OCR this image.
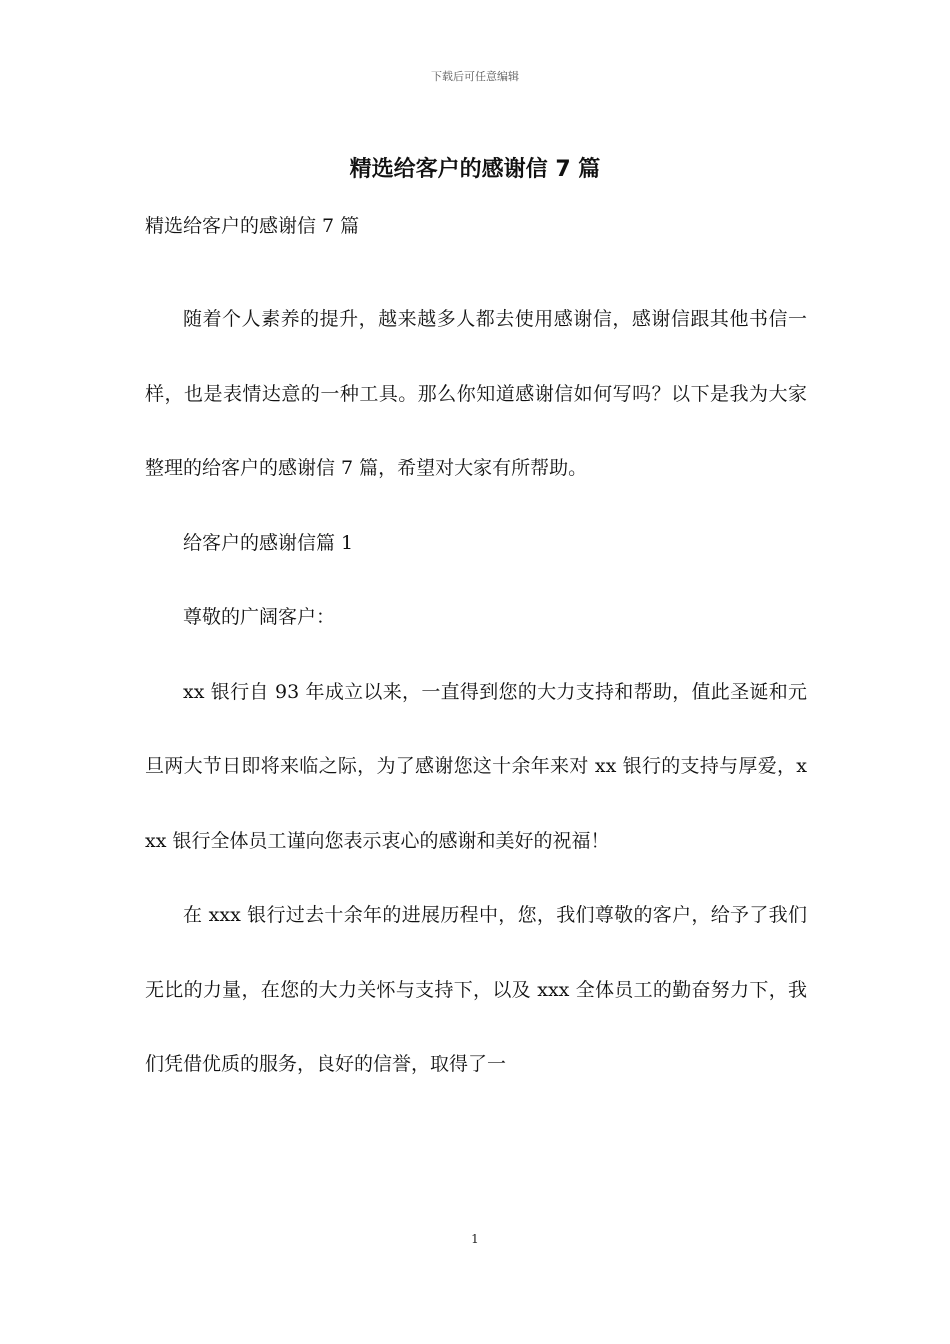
下载后可任意编辑
精选给客户的感谢信 7 篇

精选给客户的感谢信 7 篇

随着个人素养的提升，越来越多人都去使用感谢信，感谢信跟其他书信一样，也是表情达意的一种工具。那么你知道感谢信如何写吗？以下是我为大家整理的给客户的感谢信 7 篇，希望对大家有所帮助。

给客户的感谢信篇 1

尊敬的广阔客户：

xx 银行自 93 年成立以来，一直得到您的大力支持和帮助，值此圣诞和元旦两大节日即将来临之际，为了感谢您这十余年来对 xx 银行的支持与厚爱，xxx 银行全体员工谨向您表示衷心的感谢和美好的祝福！

在 xxx 银行过去十余年的进展历程中，您，我们尊敬的客户，给予了我们无比的力量，在您的大力关怀与支持下，以及 xxx 全体员工的勤奋努力下，我们凭借优质的服务，良好的信誉，取得了一

1
